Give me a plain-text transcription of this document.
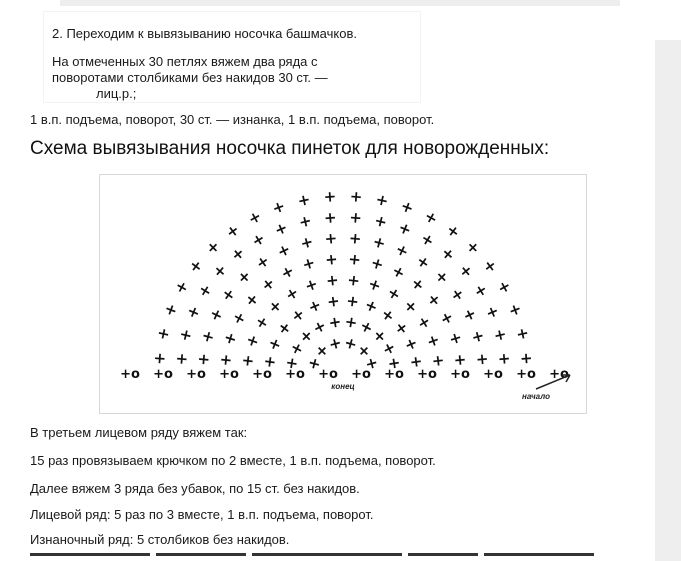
2. Переходим к вывязыванию носочка башмачков.
На отмеченных 30 петлях вяжем два ряда с
поворотами столбиками без накидов 30 ст. —
лиц.р.;
1 в.п. подъема, поворот, 30 ст. — изнанка, 1 в.п. подъема, поворот.
Схема вывязывания носочка пинеток для новорожденных:
конец
начало
+
+
+
+
+
+	+
+
+
+
+
+
+
+
+
+	+
+
+
+
+
+
+
+
+
+
+
+	+
+
+
+
+
+
+
+
+
+
+
+
+
+	+
+
+
+
+
+
+
+
+
+
+
+
+
+
+
+	+
+
+
+
+
+
+
+
+
+
+
+
+
+
+
+
+
+	+
+
+
+
+
+
+
+
+
+
+
+
+
+
+
+
+
+
+
+	+
+
+
+
+
+
+
+
+
+
+
+
+
+
+
+
+
+
+
+
+
+
+o +o +o +o +o +o +o +o +o +o +o +o +o +o
В третьем лицевом ряду вяжем так:
15 раз провязываем крючком по 2 вместе, 1 в.п. подъема, поворот.
Далее вяжем 3 ряда без убавок, по 15 ст. без накидов.
Лицевой ряд: 5 раз по 3 вместе, 1 в.п. подъема, поворот.
Изнаночный ряд: 5 столбиков без накидов.
